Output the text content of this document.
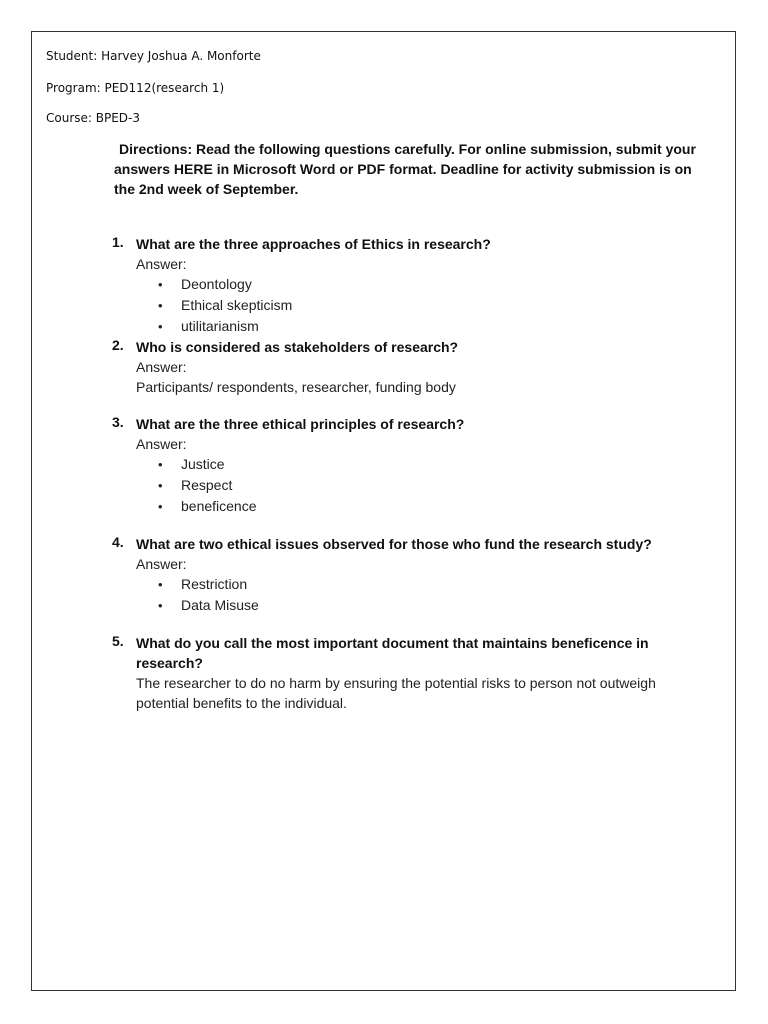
Student: Harvey Joshua A. Monforte
Program: PED112(research 1)
Course: BPED-3
Directions: Read the following questions carefully. For online submission, submit your answers HERE in Microsoft Word or PDF format. Deadline for activity submission is on the 2nd week of September.
1. What are the three approaches of Ethics in research?
Answer:
• Deontology
• Ethical skepticism
• utilitarianism
2. Who is considered as stakeholders of research?
Answer:
Participants/ respondents, researcher, funding body
3. What are the three ethical principles of research?
Answer:
• Justice
• Respect
• beneficence
4. What are two ethical issues observed for those who fund the research study?
Answer:
• Restriction
• Data Misuse
5. What do you call the most important document that maintains beneficence in research?
The researcher to do no harm by ensuring the potential risks to person not outweigh potential benefits to the individual.
